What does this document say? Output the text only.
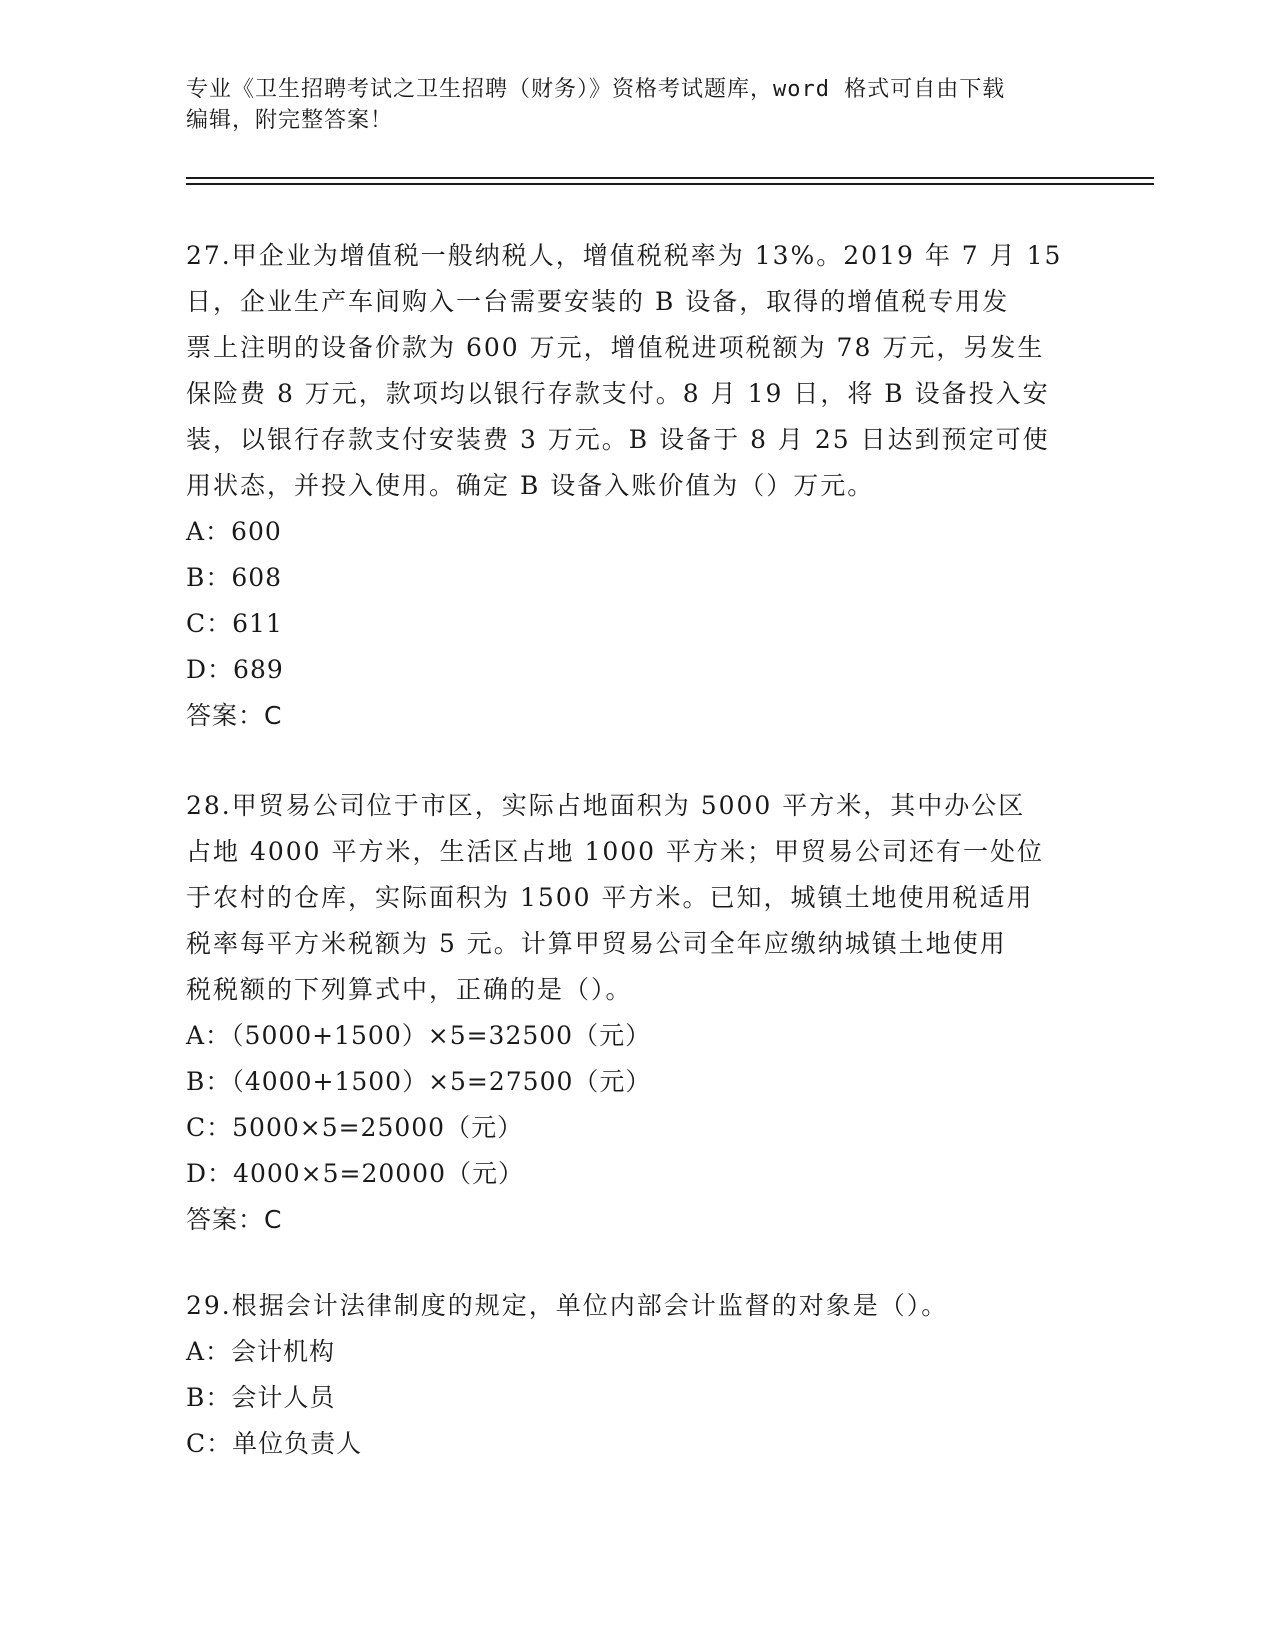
专业《卫生招聘考试之卫生招聘（财务）》资格考试题库，word 格式可自由下载
编辑，附完整答案！

27.甲企业为增值税一般纳税人，增值税税率为 13%。2019 年 7 月 15

日，企业生产车间购入一台需要安装的 B 设备，取得的增值税专用发

票上注明的设备价款为 600 万元，增值税进项税额为 78 万元，另发生

保险费 8 万元，款项均以银行存款支付。8 月 19 日，将 B 设备投入安

装，以银行存款支付安装费 3 万元。B 设备于 8 月 25 日达到预定可使

用状态，并投入使用。确定 B 设备入账价值为（）万元。

A：600

B：608

C：611

D：689

答案：C

28.甲贸易公司位于市区，实际占地面积为 5000 平方米，其中办公区

占地 4000 平方米，生活区占地 1000 平方米；甲贸易公司还有一处位

于农村的仓库，实际面积为 1500 平方米。已知，城镇土地使用税适用

税率每平方米税额为 5 元。计算甲贸易公司全年应缴纳城镇土地使用

税税额的下列算式中，正确的是（）。

A：（5000+1500）×5=32500（元）

B：（4000+1500）×5=27500（元）

C：5000×5=25000（元）

D：4000×5=20000（元）

答案：C

29.根据会计法律制度的规定，单位内部会计监督的对象是（）。

A：会计机构

B：会计人员

C：单位负责人
